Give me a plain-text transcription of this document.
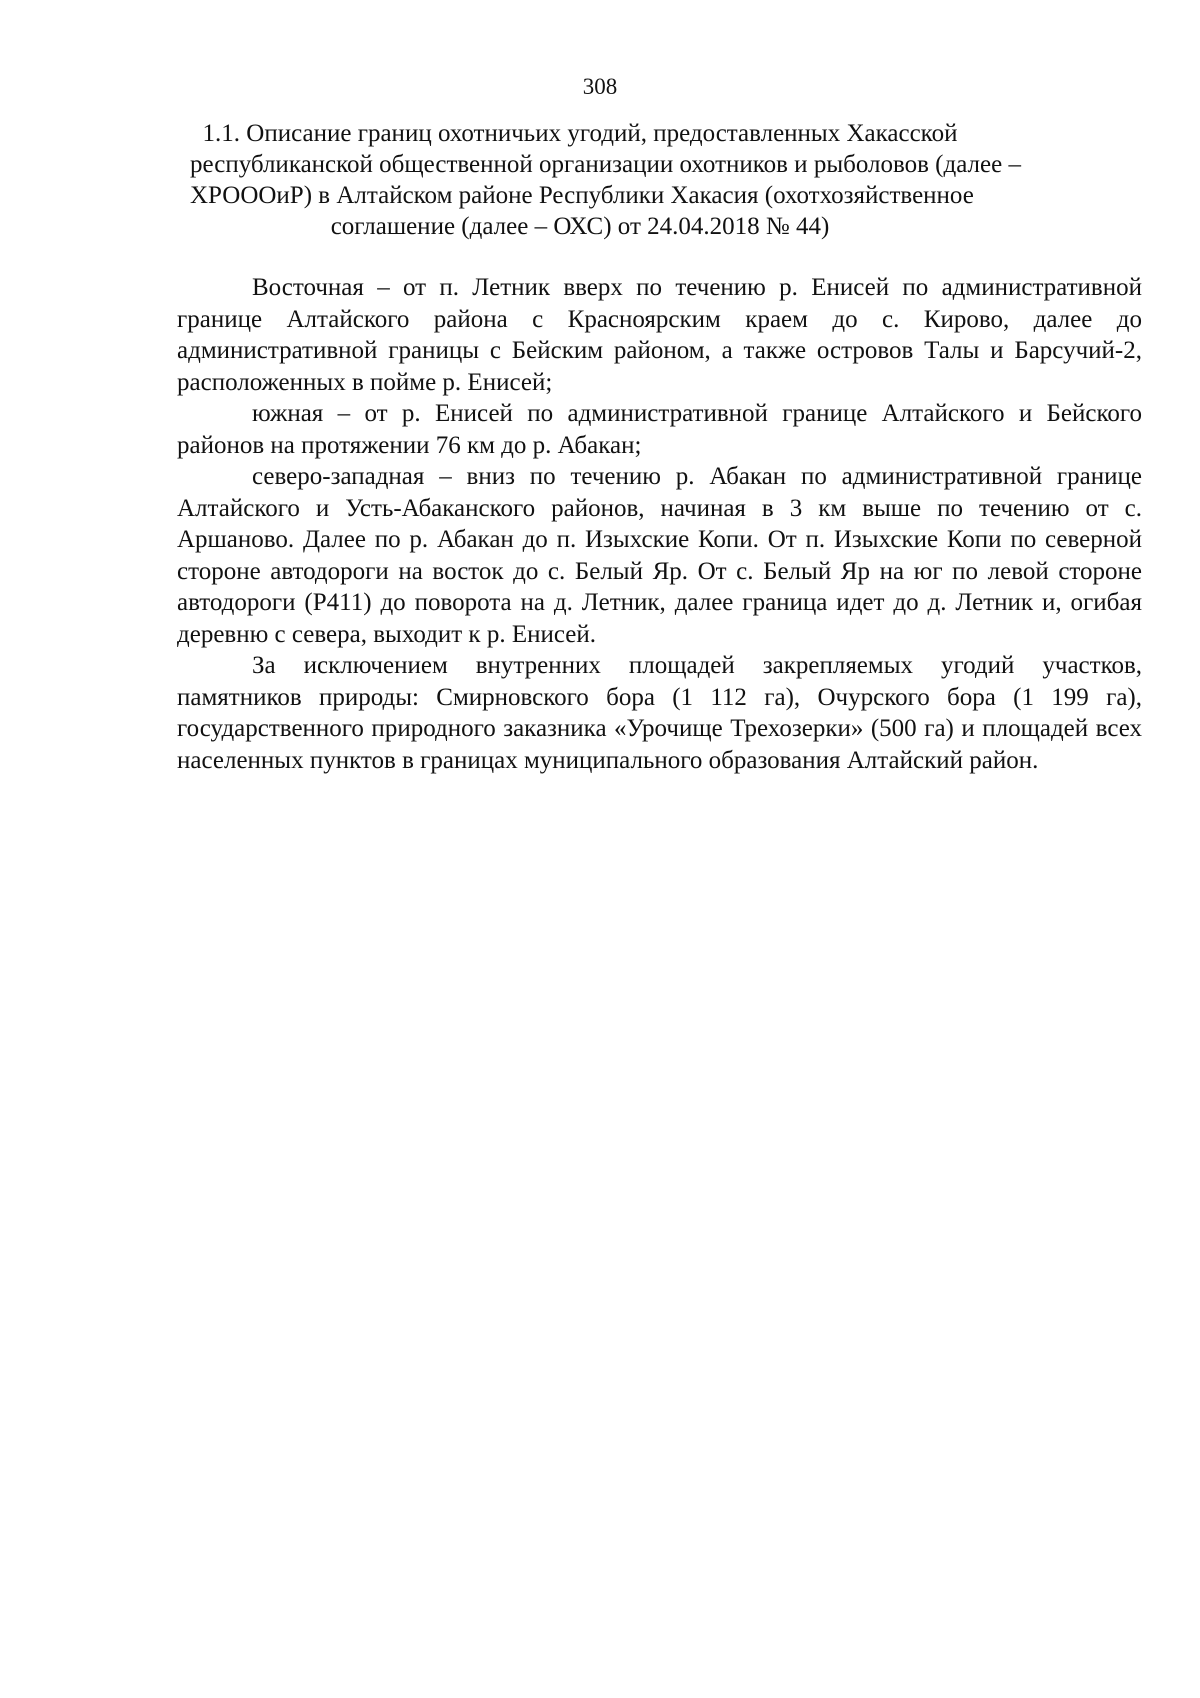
308
1.1. Описание границ охотничьих угодий, предоставленных Хакасской
республиканской общественной организации охотников и рыболовов (далее –
ХРОООиР) в Алтайском районе Республики Хакасия (охотхозяйственное
соглашение (далее – ОХС) от 24.04.2018 № 44)

Восточная – от п. Летник вверх по течению р. Енисей по административной границе Алтайского района с Красноярским краем до с. Кирово, далее до административной границы с Бейским районом, а также островов Талы и Барсучий-2, расположенных в пойме р. Енисей;

южная – от р. Енисей по административной границе Алтайского и Бейского районов на протяжении 76 км до р. Абакан;

северо-западная – вниз по течению р. Абакан по административной границе Алтайского и Усть-Абаканского районов, начиная в 3 км выше по течению от с. Аршаново. Далее по р. Абакан до п. Изыхские Копи. От п. Изыхские Копи по северной стороне автодороги на восток до с. Белый Яр. От с. Белый Яр на юг по левой стороне автодороги (Р411) до поворота на д. Летник, далее граница идет до д. Летник и, огибая деревню с севера, выходит к р. Енисей.

За исключением внутренних площадей закрепляемых угодий участков, памятников природы: Смирновского бора (1 112 га), Очурского бора (1 199 га), государственного природного заказника «Урочище Трехозерки» (500 га) и площадей всех населенных пунктов в границах муниципального образования Алтайский район.
